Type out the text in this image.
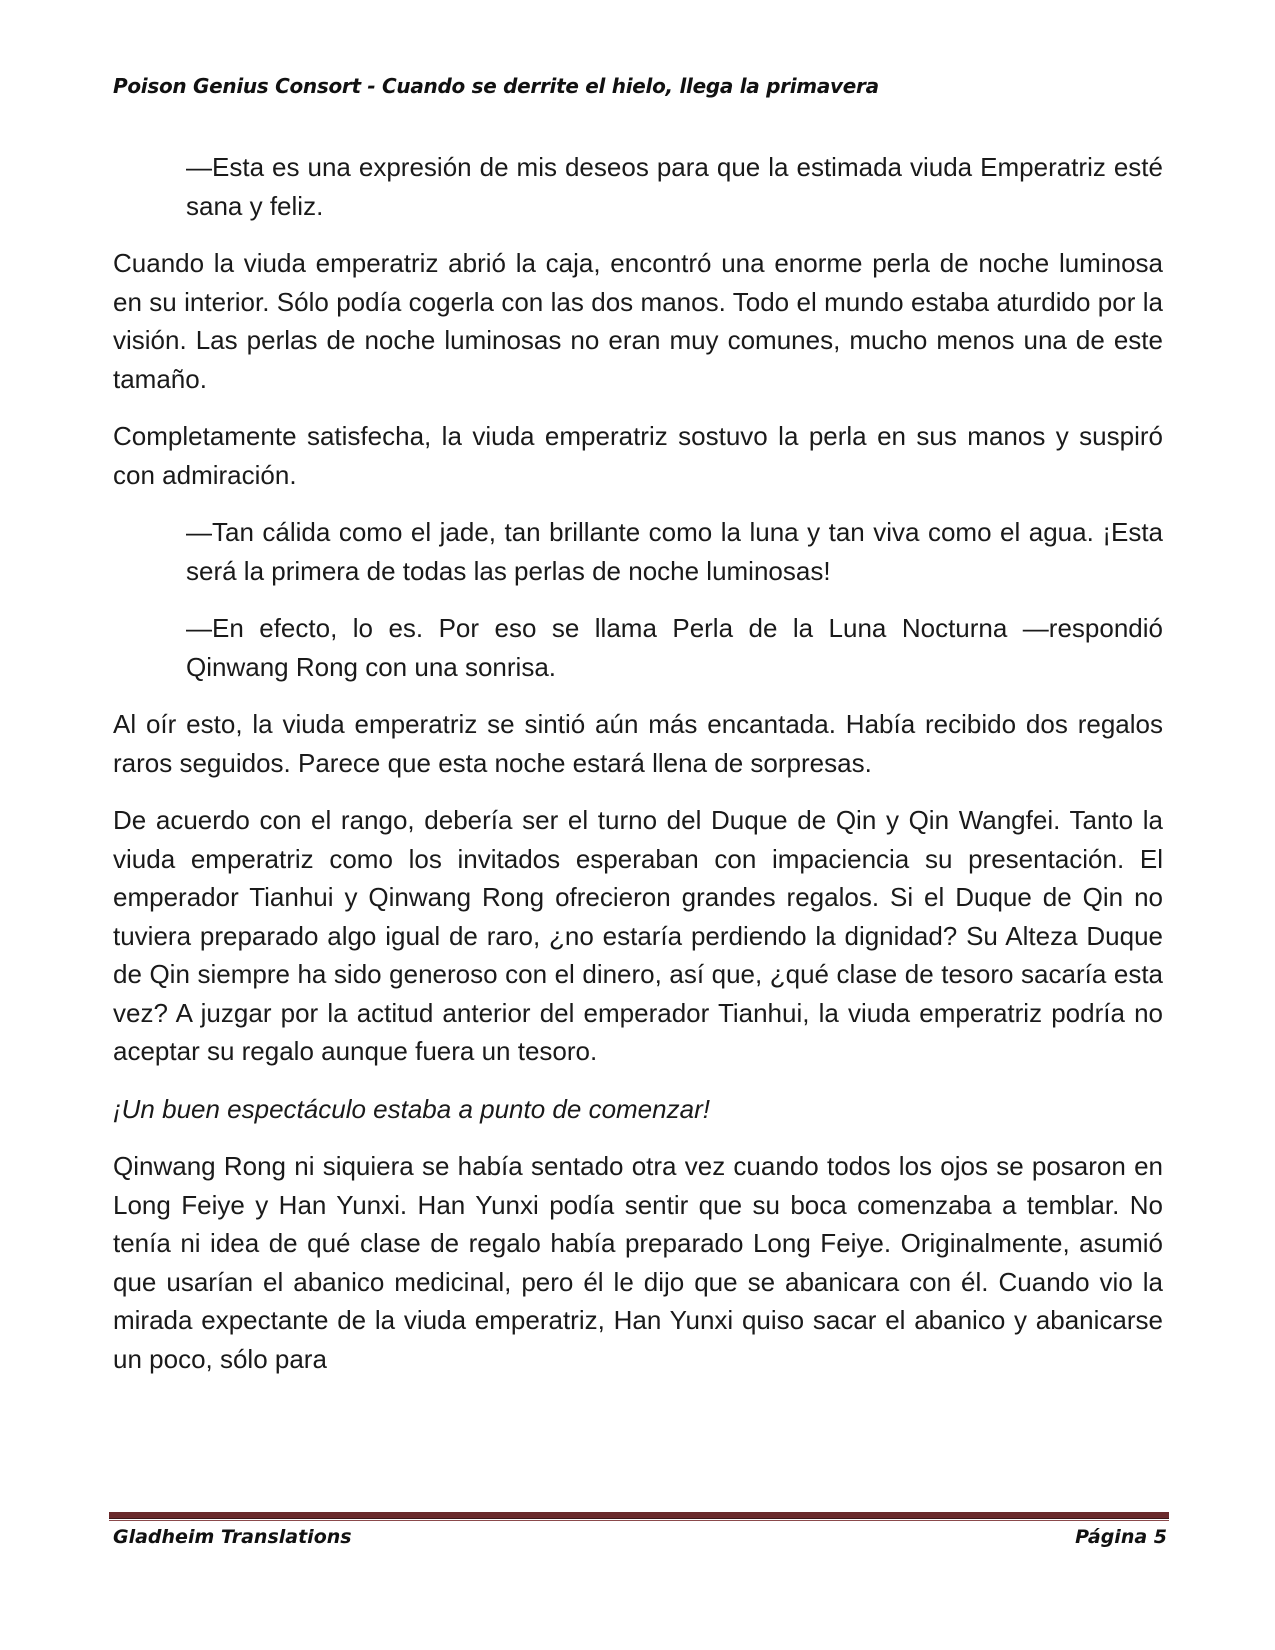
Poison Genius Consort - Cuando se derrite el hielo, llega la primavera

—Esta es una expresión de mis deseos para que la estimada viuda Emperatriz esté sana y feliz.

Cuando la viuda emperatriz abrió la caja, encontró una enorme perla de noche luminosa en su interior. Sólo podía cogerla con las dos manos. Todo el mundo estaba aturdido por la visión. Las perlas de noche luminosas no eran muy comunes, mucho menos una de este tamaño.

Completamente satisfecha, la viuda emperatriz sostuvo la perla en sus manos y suspiró con admiración.

—Tan cálida como el jade, tan brillante como la luna y tan viva como el agua. ¡Esta será la primera de todas las perlas de noche luminosas!

—En efecto, lo es. Por eso se llama Perla de la Luna Nocturna —respondió Qinwang Rong con una sonrisa.

Al oír esto, la viuda emperatriz se sintió aún más encantada. Había recibido dos regalos raros seguidos. Parece que esta noche estará llena de sorpresas.

De acuerdo con el rango, debería ser el turno del Duque de Qin y Qin Wangfei. Tanto la viuda emperatriz como los invitados esperaban con impaciencia su presentación. El emperador Tianhui y Qinwang Rong ofrecieron grandes regalos. Si el Duque de Qin no tuviera preparado algo igual de raro, ¿no estaría perdiendo la dignidad? Su Alteza Duque de Qin siempre ha sido generoso con el dinero, así que, ¿qué clase de tesoro sacaría esta vez? A juzgar por la actitud anterior del emperador Tianhui, la viuda emperatriz podría no aceptar su regalo aunque fuera un tesoro.

¡Un buen espectáculo estaba a punto de comenzar!

Qinwang Rong ni siquiera se había sentado otra vez cuando todos los ojos se posaron en Long Feiye y Han Yunxi. Han Yunxi podía sentir que su boca comenzaba a temblar. No tenía ni idea de qué clase de regalo había preparado Long Feiye. Originalmente, asumió que usarían el abanico medicinal, pero él le dijo que se abanicara con él. Cuando vio la mirada expectante de la viuda emperatriz, Han Yunxi quiso sacar el abanico y abanicarse un poco, sólo para

Gladheim Translations	Página 5
